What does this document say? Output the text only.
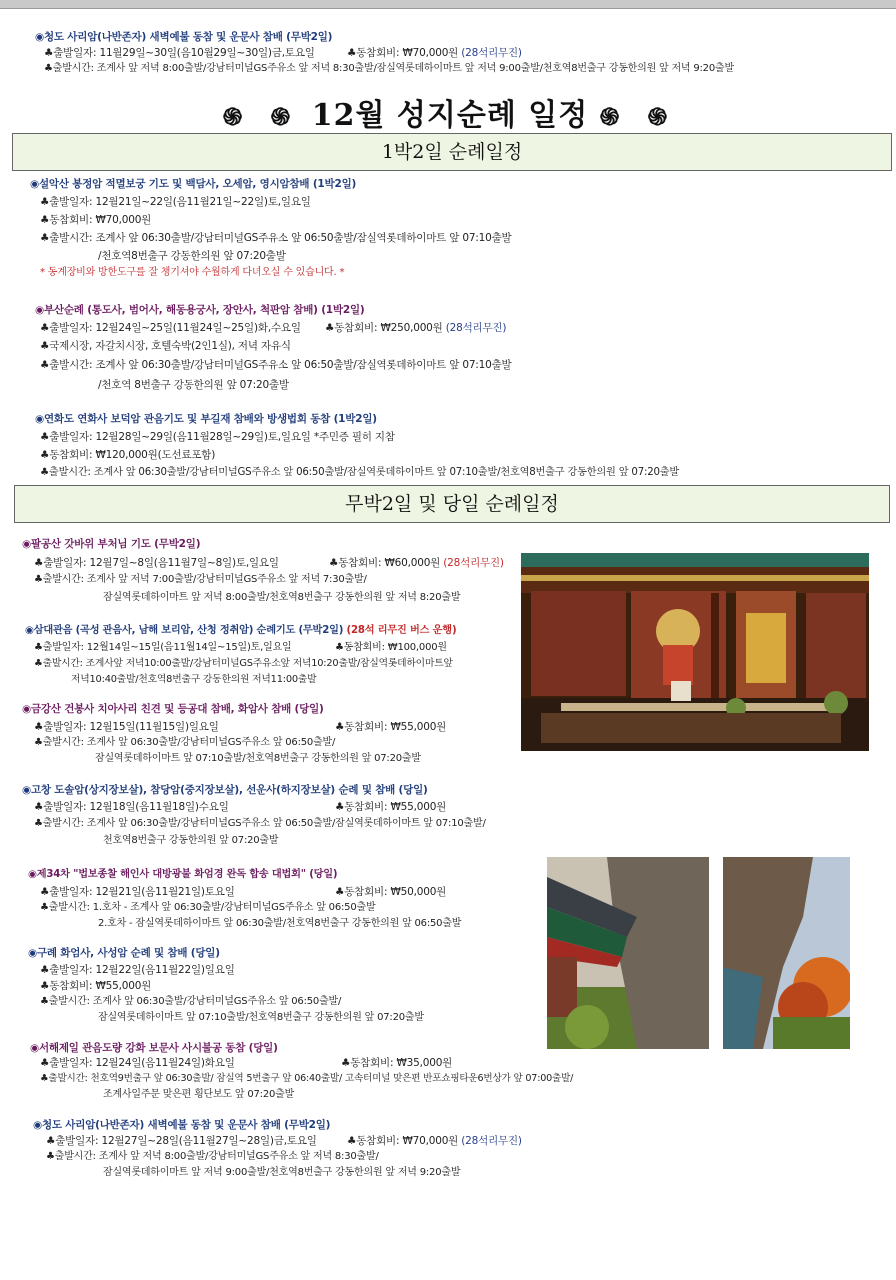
◉청도 사리암(나반존자) 새벽예불 동참 및 운문사 참배 (무박2일)
♣출발일자: 11월29일~30일(음10월29일~30일)금,토요일	♣동참회비: ₩70,000원 (28석리무진)
♣출발시간: 조계사 앞 저녁 8:00출발/강남터미널GS주유소 앞 저녁 8:30출발/잠실역롯데하이마트 앞 저녁 9:00출발/천호역8번출구 강동한의원 앞 저녁 9:20출발
֍ ֍ 12월 성지순례 일정 ֍ ֍
1박2일 순례일정
◉설악산 봉정암 적멸보궁 기도 및 백담사, 오세암, 영시암참배 (1박2일)
♣출발일자: 12월21일~22일(음11월21일~22일)토,일요일
♣동참회비: ₩70,000원
♣출발시간: 조계사 앞 06:30출발/강남터미널GS주유소 앞 06:50출발/잠실역롯데하이마트 앞 07:10출발
/천호역8번출구 강동한의원 앞 07:20출발
* 동계장비와 방한도구를 잘 챙기셔야 수월하게 다녀오실 수 있습니다. *
◉부산순례 (통도사, 범어사, 해동용궁사, 장안사, 척판암 참배) (1박2일)
♣출발일자: 12월24일~25일(11월24일~25일)화,수요일 ♣동참회비: ₩250,000원 (28석리무진)
♣국제시장, 자갈치시장, 호텔숙박(2인1실), 저녁 자유식
♣출발시간: 조계사 앞 06:30출발/강남터미널GS주유소 앞 06:50출발/잠실역롯데하이마트 앞 07:10출발
/천호역 8번출구 강동한의원 앞 07:20출발
◉연화도 연화사 보덕암 관음기도 및 부길재 참배와 방생법회 동참 (1박2일)
♣출발일자: 12월28일~29일(음11월28일~29일)토,일요일 *주민증 필히 지참
♣동참회비: ₩120,000원(도선료포함)
♣출발시간: 조계사 앞 06:30출발/강남터미널GS주유소 앞 06:50출발/잠실역롯데하이마트 앞 07:10출발/천호역8번출구 강동한의원 앞 07:20출발
무박2일 및 당일 순례일정
◉팔공산 갓바위 부처님 기도 (무박2일)
♣출발일자: 12월7일~8일(음11월7일~8일)토,일요일	♣동참회비: ₩60,000원 (28석리무진)
♣출발시간: 조계사 앞 저녁 7:00출발/강남터미널GS주유소 앞 저녁 7:30출발/
잠실역롯데하이마트 앞 저녁 8:00출발/천호역8번출구 강동한의원 앞 저녁 8:20출발
◉삼대관음 (곡성 관음사, 남해 보리암, 산청 정취암) 순례기도 (무박2일) (28석 리무진 버스 운행)
♣출발일자: 12월14일~15일(음11월14일~15일)토,일요일	♣동참회비: ₩100,000원
♣출발시간: 조계사앞 저녁10:00출발/강남터미널GS주유소앞 저녁10:20출발/잠실역롯데하이마트앞
저녁10:40출발/천호역8번출구 강동한의원 저녁11:00출발
◉금강산 건봉사 치아사리 친견 및 등공대 참배, 화암사 참배 (당일)
♣출발일자: 12월15일(11월15일)일요일	♣동참회비: ₩55,000원
♣출발시간: 조계사 앞 06:30출발/강남터미널GS주유소 앞 06:50출발/
잠실역롯데하이마트 앞 07:10출발/천호역8번출구 강동한의원 앞 07:20출발
◉고창 도솔암(상지장보살), 참당암(중지장보살), 선운사(하지장보살) 순례 및 참배 (당일)
♣출발일자: 12월18일(음11월18일)수요일	♣동참회비: ₩55,000원
♣출발시간: 조계사 앞 06:30출발/강남터미널GS주유소 앞 06:50출발/잠실역롯데하이마트 앞 07:10출발/
천호역8번출구 강동한의원 앞 07:20출발
◉제34차 "법보종찰 해인사 대방광불 화엄경 완독 합송 대법회" (당일)
♣출발일자: 12월21일(음11월21일)토요일	♣동참회비: ₩50,000원
♣출발시간: 1.호차 - 조계사 앞 06:30출발/강남터미널GS주유소 앞 06:50출발
2.호차 - 잠실역롯데하이마트 앞 06:30출발/천호역8번출구 강동한의원 앞 06:50출발
◉구례 화엄사, 사성암 순례 및 참배 (당일)
♣출발일자: 12월22일(음11월22일)일요일
♣동참회비: ₩55,000원
♣출발시간: 조계사 앞 06:30출발/강남터미널GS주유소 앞 06:50출발/
잠실역롯데하이마트 앞 07:10출발/천호역8번출구 강동한의원 앞 07:20출발
◉서해제일 관음도량 강화 보문사 사시불공 동참 (당일)
♣출발일자: 12월24일(음11월24일)화요일	♣동참회비: ₩35,000원
♣출발시간: 천호역9번출구 앞 06:30출발/ 잠실역 5번출구 앞 06:40출발/ 고속터미널 맞은편 반포쇼핑타운6번상가 앞 07:00출발/
조계사일주문 맞은편 횡단보도 앞 07:20출발
◉청도 사리암(나반존자) 새벽예불 동참 및 운문사 참배 (무박2일)
♣출발일자: 12월27일~28일(음11월27일~28일)금,토요일	♣동참회비: ₩70,000원 (28석리무진)
♣출발시간: 조계사 앞 저녁 8:00출발/강남터미널GS주유소 앞 저녁 8:30출발/
잠실역롯데하이마트 앞 저녁 9:00출발/천호역8번출구 강동한의원 앞 저녁 9:20출발
